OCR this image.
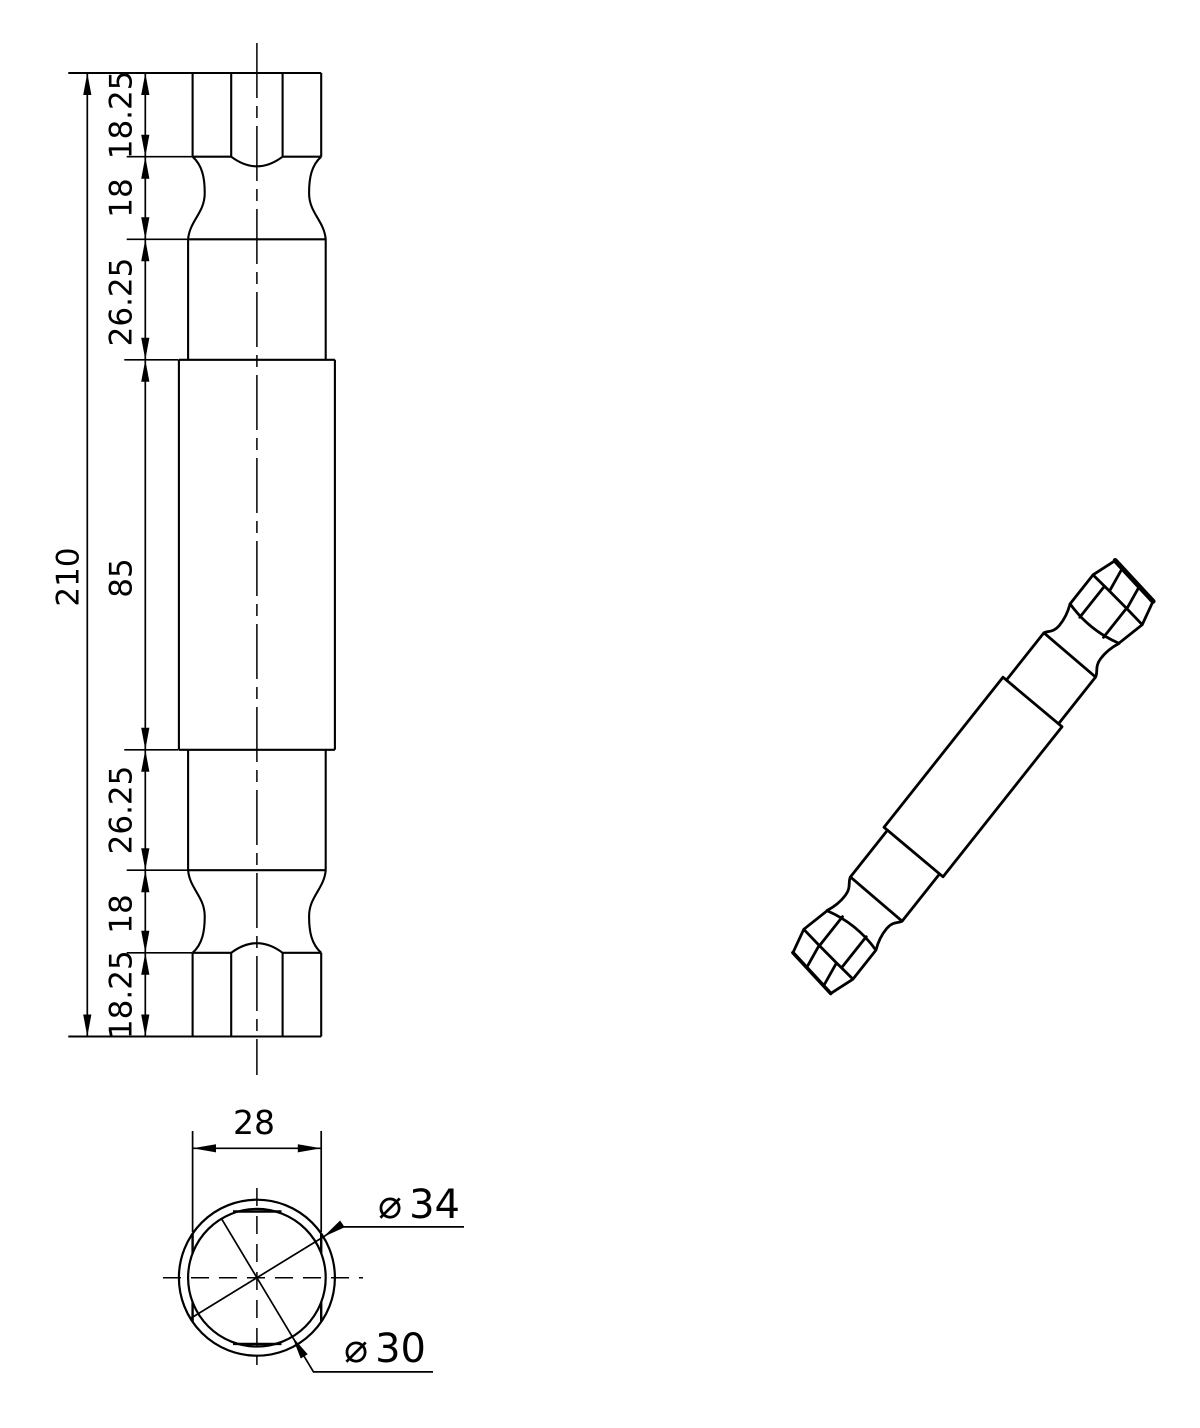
210
18.25
18
26.25
85
26.25
18
18.25
28
⌀ 34
⌀ 30
